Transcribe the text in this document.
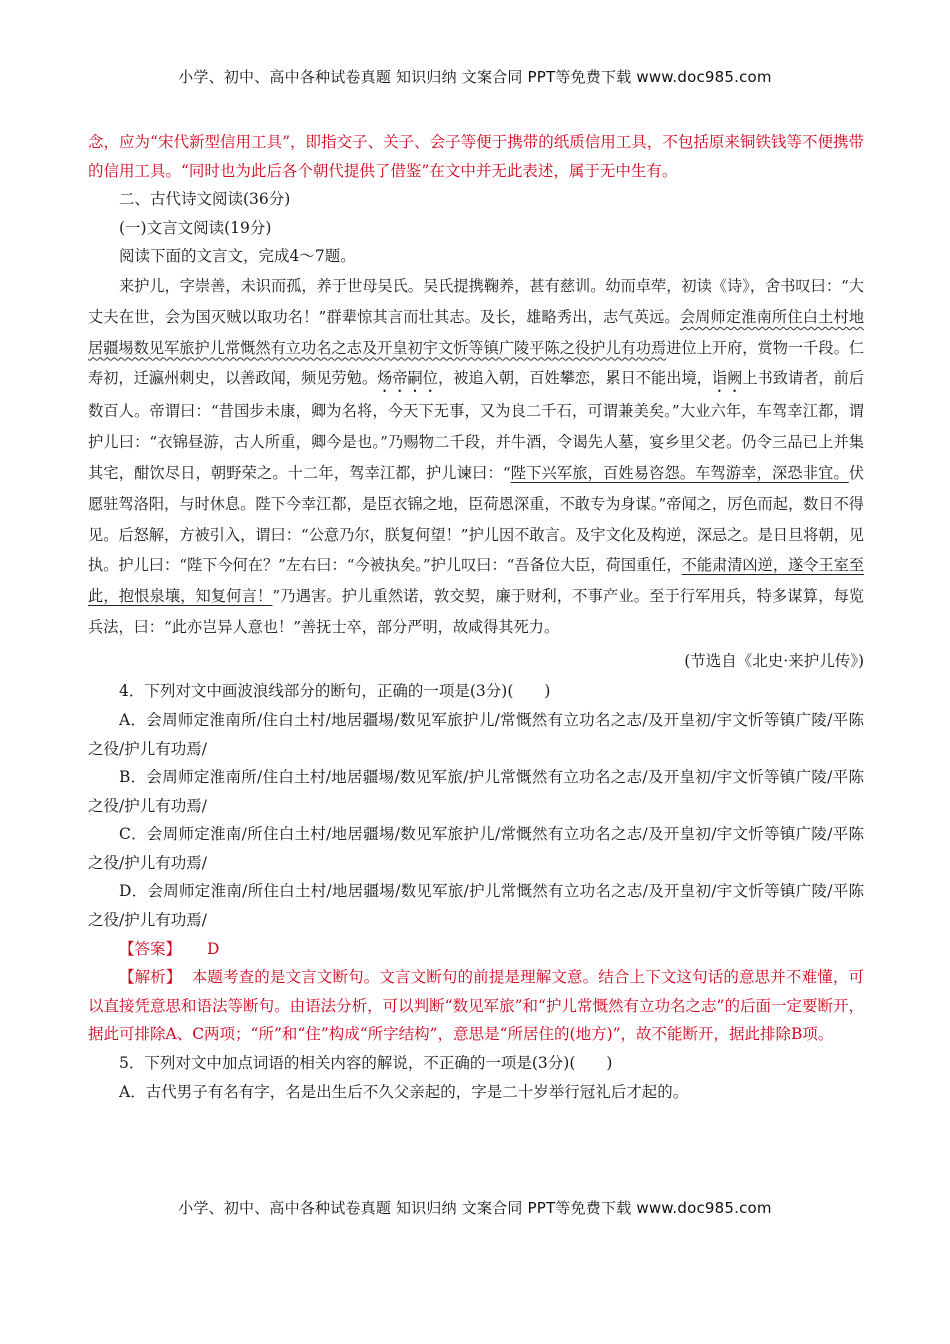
小学、初中、高中各种试卷真题 知识归纳 文案合同 PPT等免费下载 www.doc985.com

念，应为“宋代新型信用工具”，即指交子、关子、会子等便于携带的纸质信用工具，不包括原来铜铁钱等不便携带的信用工具。“同时也为此后各个朝代提供了借鉴”在文中并无此表述，属于无中生有。

二、古代诗文阅读(36分)

(一)文言文阅读(19分)

阅读下面的文言文，完成4～7题。

来护儿，字崇善，未识而孤，养于世母吴氏。吴氏提携鞠养，甚有慈训。幼而卓荦，初读《诗》，舍书叹曰：“大丈夫在世，会为国灭贼以取功名！”群辈惊其言而壮其志。及长，雄略秀出，志气英远。会周师定淮南所住白土村地居疆埸数见军旅护儿常慨然有立功名之志及开皇初宇文忻等镇广陵平陈之役护儿有功焉进位上开府，赏物一千段。仁寿初，迁瀛州刺史，以善政闻，频见劳勉。炀帝嗣位，被追入朝，百姓攀恋，累日不能出境，诣阙上书致请者，前后数百人。帝谓曰：“昔国步未康，卿为名将，今天下无事，又为良二千石，可谓兼美矣。”大业六年，车驾幸江都，谓护儿曰：“衣锦昼游，古人所重，卿今是也。”乃赐物二千段，并牛酒，令谒先人墓，宴乡里父老。仍令三品已上并集其宅，酣饮尽日，朝野荣之。十二年，驾幸江都，护儿谏曰：“陛下兴军旅，百姓易咨怨。车驾游幸，深恐非宜。伏愿驻驾洛阳，与时休息。陛下今幸江都，是臣衣锦之地，臣荷恩深重，不敢专为身谋。”帝闻之，厉色而起，数日不得见。后怒解，方被引入，谓曰：“公意乃尔，朕复何望！”护儿因不敢言。及宇文化及构逆，深忌之。是日旦将朝，见执。护儿曰：“陛下今何在？”左右曰：“今被执矣。”护儿叹曰：“吾备位大臣，荷国重任，不能肃清凶逆，遂令王室至此，抱恨泉壤，知复何言！”乃遇害。护儿重然诺，敦交契，廉于财利，不事产业。至于行军用兵，特多谋算，每览兵法，曰：“此亦岂异人意也！”善抚士卒，部分严明，故咸得其死力。

(节选自《北史·来护儿传》)

4．下列对文中画波浪线部分的断句，正确的一项是(3分)(　　)

A．会周师定淮南所/住白土村/地居疆埸/数见军旅护儿/常慨然有立功名之志/及开皇初/宇文忻等镇广陵/平陈之役/护儿有功焉/

B．会周师定淮南所/住白土村/地居疆埸/数见军旅/护儿常慨然有立功名之志/及开皇初/宇文忻等镇广陵/平陈之役/护儿有功焉/

C．会周师定淮南/所住白土村/地居疆埸/数见军旅护儿/常慨然有立功名之志/及开皇初/宇文忻等镇广陵/平陈之役/护儿有功焉/

D．会周师定淮南/所住白土村/地居疆埸/数见军旅/护儿常慨然有立功名之志/及开皇初/宇文忻等镇广陵/平陈之役/护儿有功焉/

【答案】 D

【解析】 本题考查的是文言文断句。文言文断句的前提是理解文意。结合上下文这句话的意思并不难懂，可以直接凭意思和语法等断句。由语法分析，可以判断“数见军旅”和“护儿常慨然有立功名之志”的后面一定要断开，据此可排除A、C两项；“所”和“住”构成“所字结构”，意思是“所居住的(地方)”，故不能断开，据此排除B项。

5．下列对文中加点词语的相关内容的解说，不正确的一项是(3分)(　　)

A．古代男子有名有字，名是出生后不久父亲起的，字是二十岁举行冠礼后才起的。

小学、初中、高中各种试卷真题 知识归纳 文案合同 PPT等免费下载 www.doc985.com
